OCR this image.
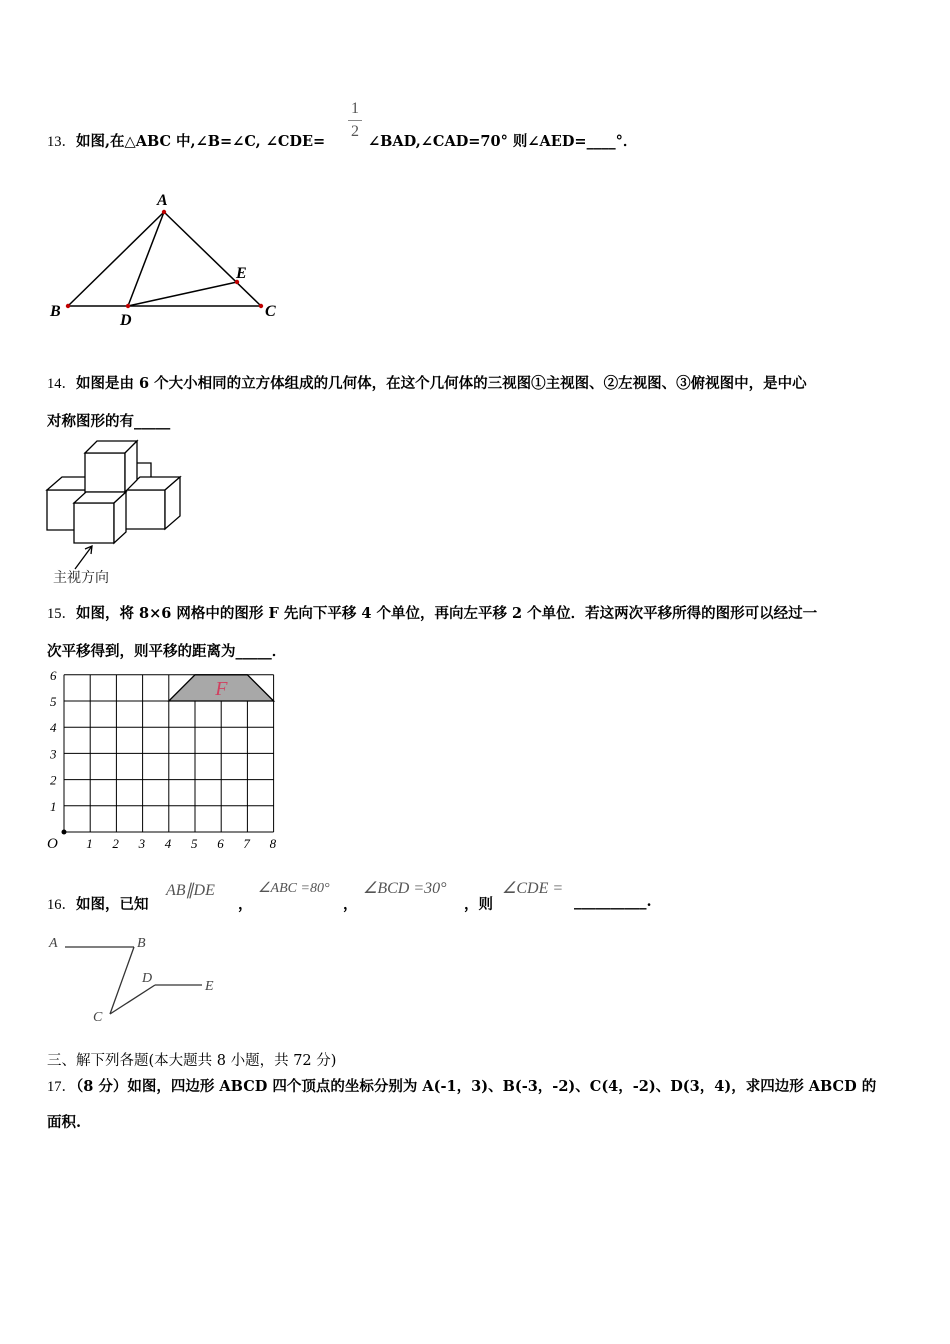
13．如图,在△ABC 中,∠B=∠C, ∠CDE=
1
2
∠BAD,∠CAD=70° 则∠AED=____°．
A
B	C
D
E
14．如图是由 6 个大小相同的立方体组成的几何体，在这个几何体的三视图①主视图、②左视图、③俯视图中，是中心
对称图形的有_____
主视方向
15．如图，将 8×6 网格中的图形 F 先向下平移 4 个单位，再向左平移 2 个单位．若这两次平移所得的图形可以经过一
次平移得到，则平移的距离为_____．
F
1 2 3 4 5 6 7 8
1
2
3
4
5
6
O
16．如图，已知
AB∥DE
，
∠ABC =80°
，
∠BCD =30°
，则
∠CDE =
__________.
A	B
C
D
E
三、解下列各题(本大题共 8 小题，共 72 分)
17．（8 分）如图，四边形 ABCD 四个顶点的坐标分别为 A(-1，3)、B(-3，-2)、C(4，-2)、D(3，4)，求四边形 ABCD 的
面积.
